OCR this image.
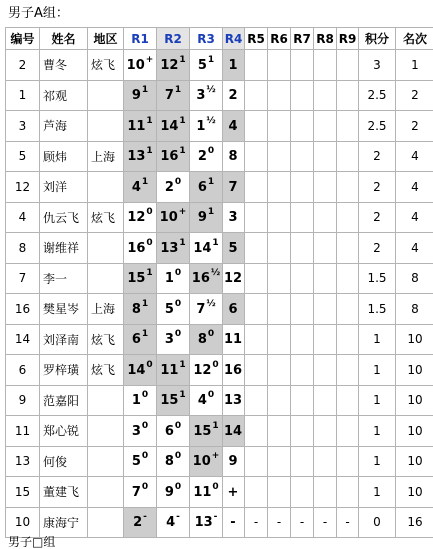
男子A组：
编号	姓名	地区	R1	R2	R3	R4	R5	R6	R7	R8	R9	积分	名次
2	曹冬	炫飞	10+	$12^1$	$5^1$	1						3	1
1	祁观		$9^1$	$7^1$	$3^{\frac{1}{2}}$	2						2.5	2
3	芦海		$11^1$	$14^1$	$1^{\frac{1}{2}}$	4						2.5	2
5	顾炜	上海	$13^1$	$16^1$	$2^0$	8						2	4
12	刘洋		$4^1$	$2^0$	$6^1$	7						2	4
4	仇云飞	炫飞	$12^0$	10+	$9^1$	3						2	4
8	谢维祥		$16^0$	$13^1$	$14^1$	5						2	4
7	李一		$15^1$	$1^0$	$16^{\frac{1}{2}}$	12						1.5	8
16	樊星岑	上海	$8^1$	$5^0$	$7^{\frac{1}{2}}$	6						1.5	8
14	刘泽南	炫飞	$6^1$	$3^0$	$8^0$	11						1	10
6	罗梓璜	炫飞	$14^0$	$11^1$	$12^0$	16						1	10
9	范嘉阳		$1^0$	$15^1$	$4^0$	13						1	10
11	郑心锐		$3^0$	$6^0$	$15^1$	14						1	10
13	何俊		$5^0$	$8^0$	10+	9						1	10
15	董建飞		$7^0$	$9^0$	$11^0$	+						1	10
10	康海宁		2-	4-	13-	-	-	-	-	-	-	0	16
男子□组
